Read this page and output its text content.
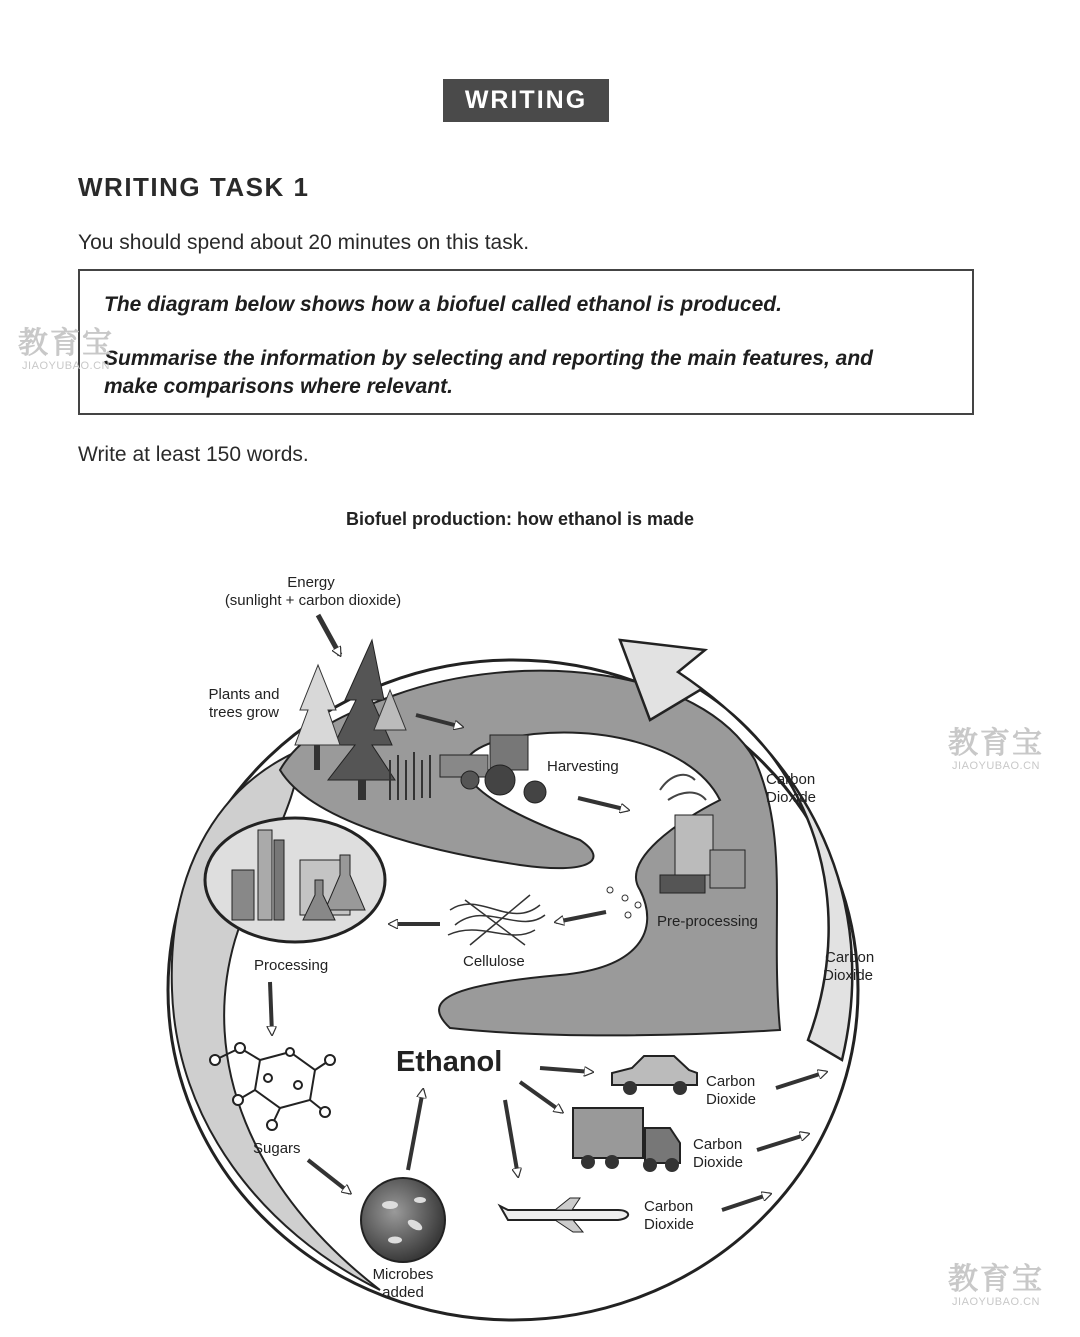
WRITING
WRITING TASK 1
You should spend about 20 minutes on this task.
The diagram below shows how a biofuel called ethanol is produced.
Summarise the information by selecting and reporting the main features, and
make comparisons where relevant.
Write at least 150 words.
Biofuel production: how ethanol is made
Energy
(sunlight + carbon dioxide)
Plants and
trees grow
Harvesting
Pre-processing
Cellulose
Processing
Sugars
Microbes
added
Ethanol
Carbon
Dioxide
Carbon
Dioxide
Carbon
Dioxide
Carbon
Dioxide
Carbon
Dioxide
教育宝
JIAOYUBAO.CN
教育宝
JIAOYUBAO.CN
教育宝
JIAOYUBAO.CN
